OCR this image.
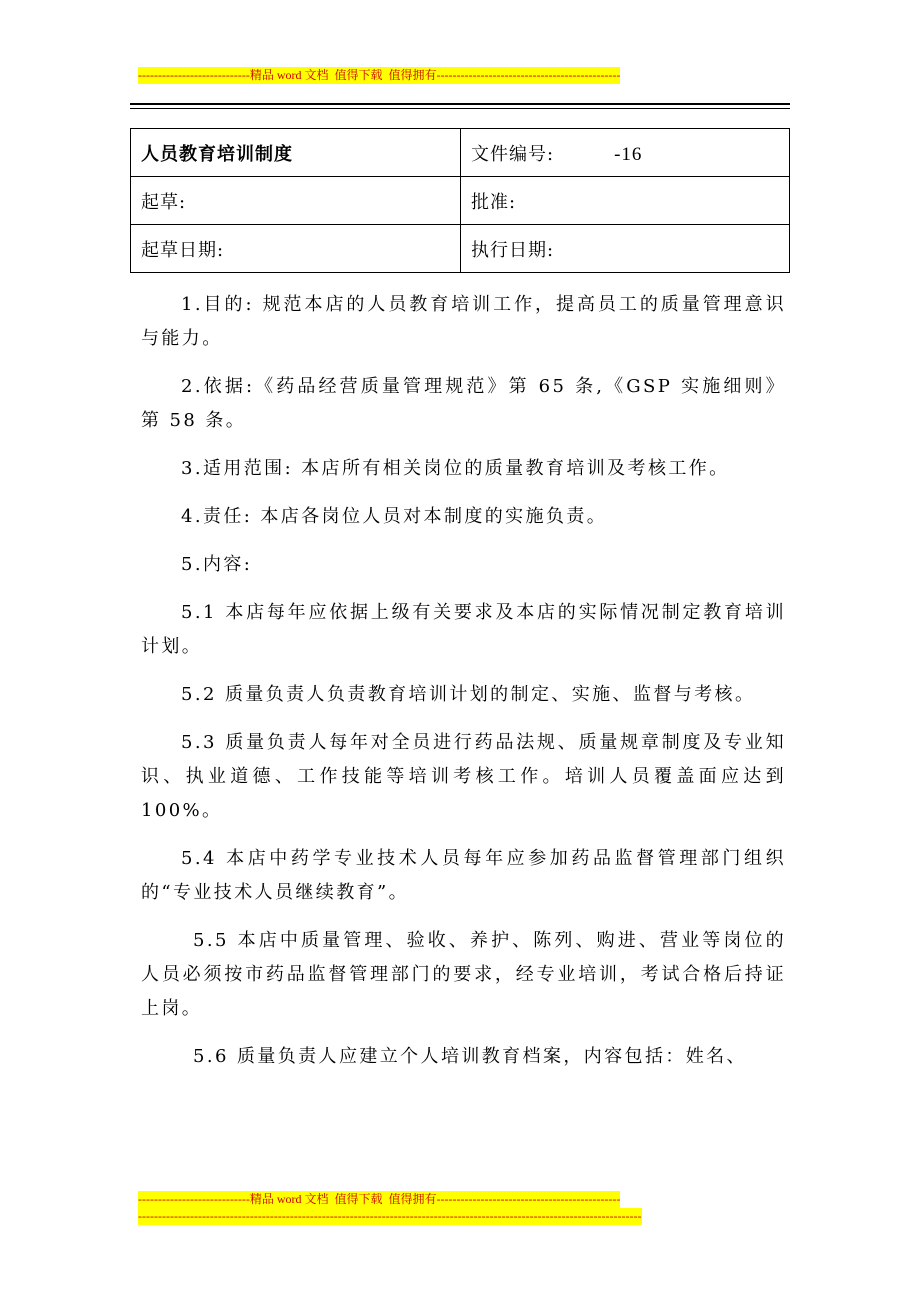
----------------------------精品 word 文档  值得下载  值得拥有----------------------------------------------
人员教育培训制度	文件编号: -16
起草:	批准:
起草日期:	执行日期:

1.目的: 规范本店的人员教育培训工作，提高员工的质量管理意识与能力。

2.依据:《药品经营质量管理规范》第 65 条,《GSP 实施细则》第 58 条。

3.适用范围: 本店所有相关岗位的质量教育培训及考核工作。

4.责任: 本店各岗位人员对本制度的实施负责。

5.内容:

5.1 本店每年应依据上级有关要求及本店的实际情况制定教育培训计划。

5.2 质量负责人负责教育培训计划的制定、实施、监督与考核。

5.3 质量负责人每年对全员进行药品法规、质量规章制度及专业知识、执业道德、工作技能等培训考核工作。培训人员覆盖面应达到 100%。

5.4 本店中药学专业技术人员每年应参加药品监督管理部门组织的“专业技术人员继续教育”。

5.5 本店中质量管理、验收、养护、陈列、购进、营业等岗位的人员必须按市药品监督管理部门的要求，经专业培训，考试合格后持证上岗。

5.6 质量负责人应建立个人培训教育档案，内容包括：姓名、

----------------------------精品 word 文档  值得下载  值得拥有----------------------------------------------
------------------------------------------------------------------------------------------------------------------------------
